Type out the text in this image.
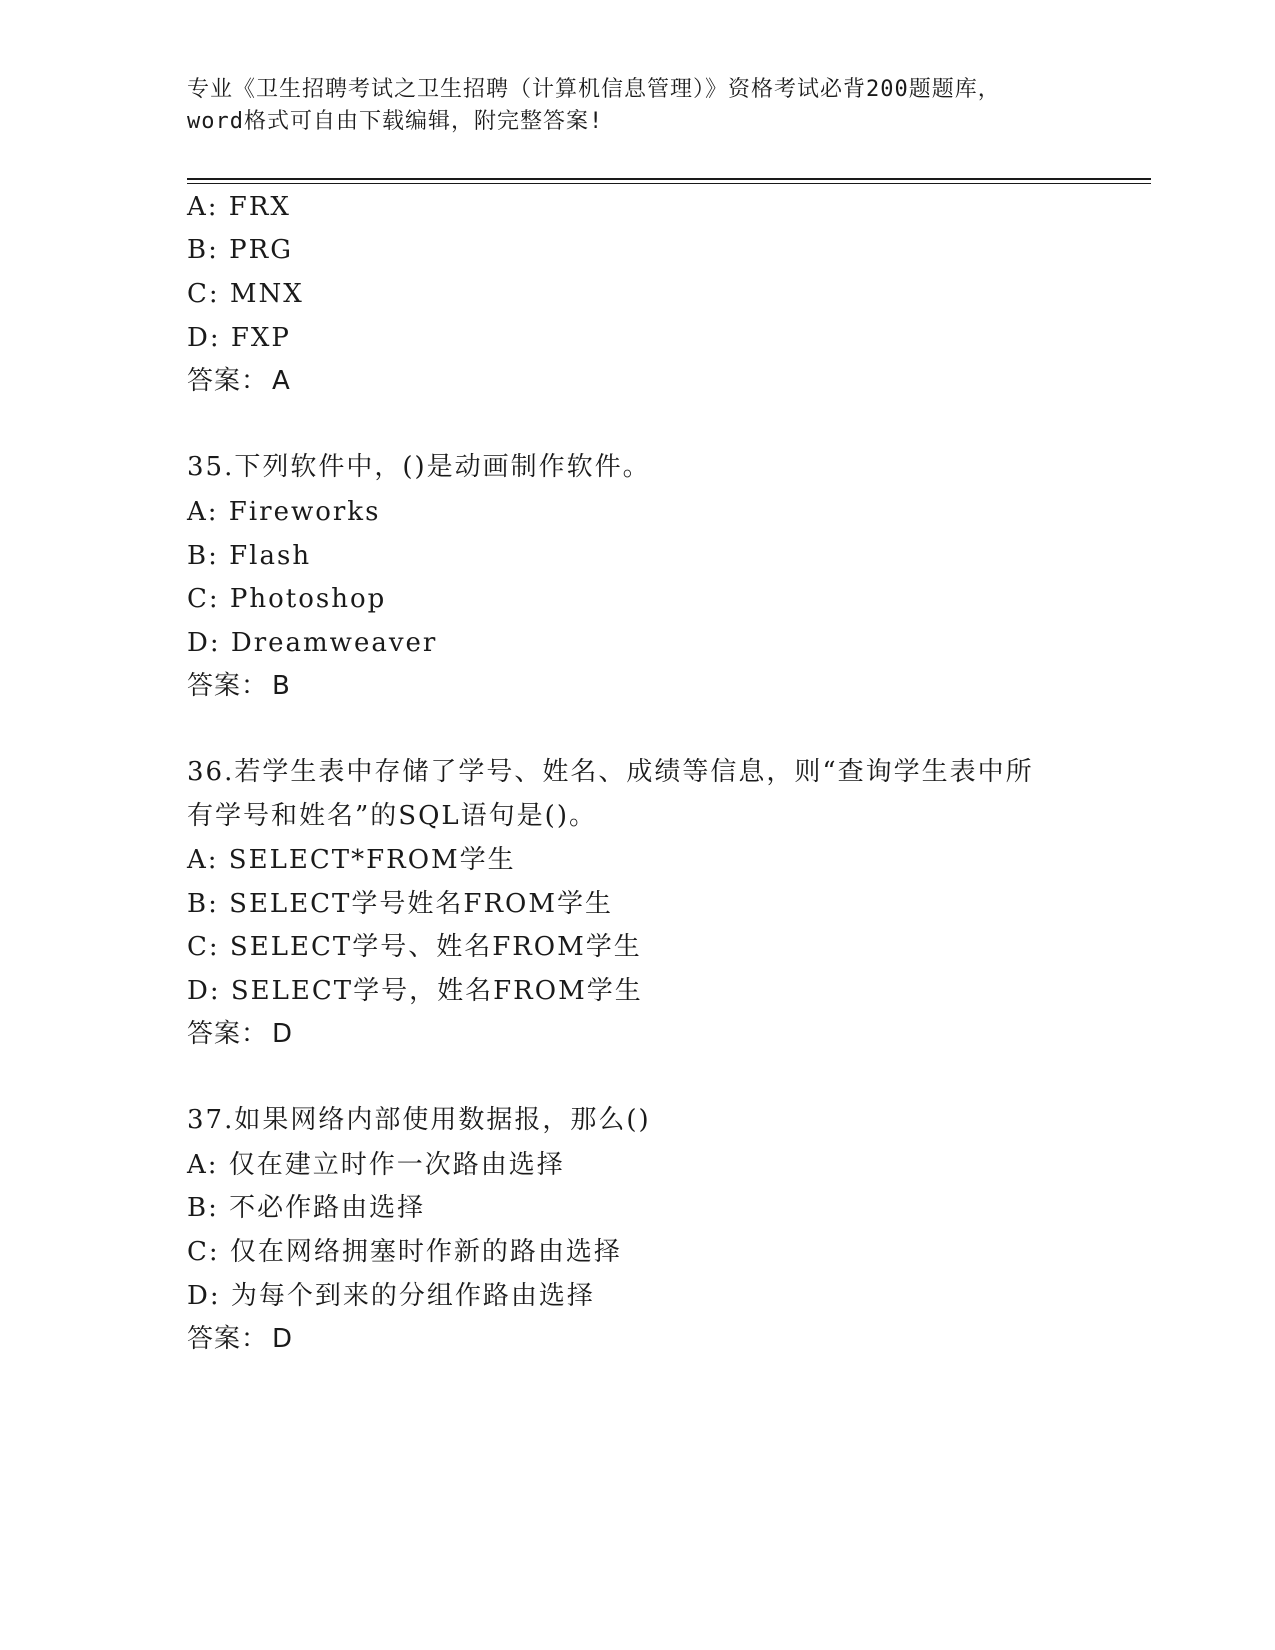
专业《卫生招聘考试之卫生招聘（计算机信息管理）》资格考试必背200题题库，
word格式可自由下载编辑，附完整答案!
A: FRX
B: PRG
C: MNX
D: FXP
答案： A
35.下列软件中，()是动画制作软件。
A: Fireworks
B: Flash
C: Photoshop
D: Dreamweaver
答案： B
36.若学生表中存储了学号、姓名、成绩等信息，则“查询学生表中所
有学号和姓名”的SQL语句是()。
A: SELECT*FROM学生
B: SELECT学号姓名FROM学生
C: SELECT学号、姓名FROM学生
D: SELECT学号，姓名FROM学生
答案： D
37.如果网络内部使用数据报，那么()
A: 仅在建立时作一次路由选择
B: 不必作路由选择
C: 仅在网络拥塞时作新的路由选择
D: 为每个到来的分组作路由选择
答案： D
